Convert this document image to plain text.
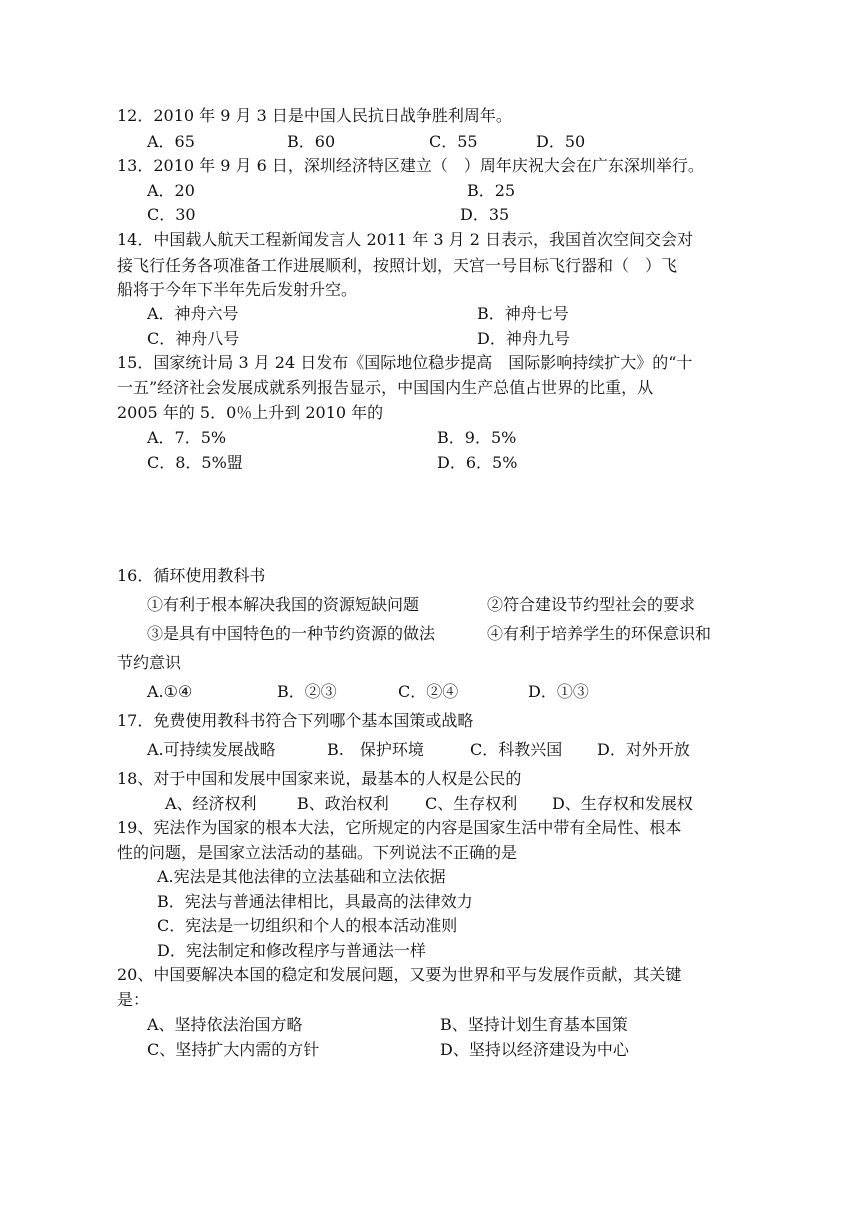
12．2010 年 9 月 3 日是中国人民抗日战争胜利周年。
A．65	B．60	C．55	D．50
13．2010 年 9 月 6 日，深圳经济特区建立（　）周年庆祝大会在广东深圳举行。
A．20	B．25
C．30	D．35
14．中国载人航天工程新闻发言人 2011 年 3 月 2 日表示，我国首次空间交会对
接飞行任务各项准备工作进展顺利，按照计划，天宫一号目标飞行器和（　）飞
船将于今年下半年先后发射升空。
A．神舟六号	B．神舟七号
C．神舟八号	D．神舟九号
15．国家统计局 3 月 24 日发布《国际地位稳步提高　国际影响持续扩大》的“十
一五”经济社会发展成就系列报告显示，中国国内生产总值占世界的比重，从
2005 年的 5．0％上升到 2010 年的
A．7．5%	B．9．5%
C．8．5%盟	D．6．5%
16．循环使用教科书
①有利于根本解决我国的资源短缺问题	②符合建设节约型社会的要求
③是具有中国特色的一种节约资源的做法	④有利于培养学生的环保意识和
节约意识
A.①④	B．②③	C．②④	D．①③
17．免费使用教科书符合下列哪个基本国策或战略
A.可持续发展战略	B.　保护环境	C．科教兴国 D．对外开放
18、对于中国和发展中国家来说，最基本的人权是公民的
A、经济权利	B、政治权利 C、生存权利 D、生存权和发展权
19、宪法作为国家的根本大法，它所规定的内容是国家生活中带有全局性、根本
性的问题，是国家立法活动的基础。下列说法不正确的是
A.宪法是其他法律的立法基础和立法依据
B．宪法与普通法律相比，具最高的法律效力
C．宪法是一切组织和个人的根本活动准则
D．宪法制定和修改程序与普通法一样
20、中国要解决本国的稳定和发展问题，又要为世界和平与发展作贡献，其关键
是：
A、坚持依法治国方略	B、坚持计划生育基本国策
C、坚持扩大内需的方针	D、坚持以经济建设为中心
